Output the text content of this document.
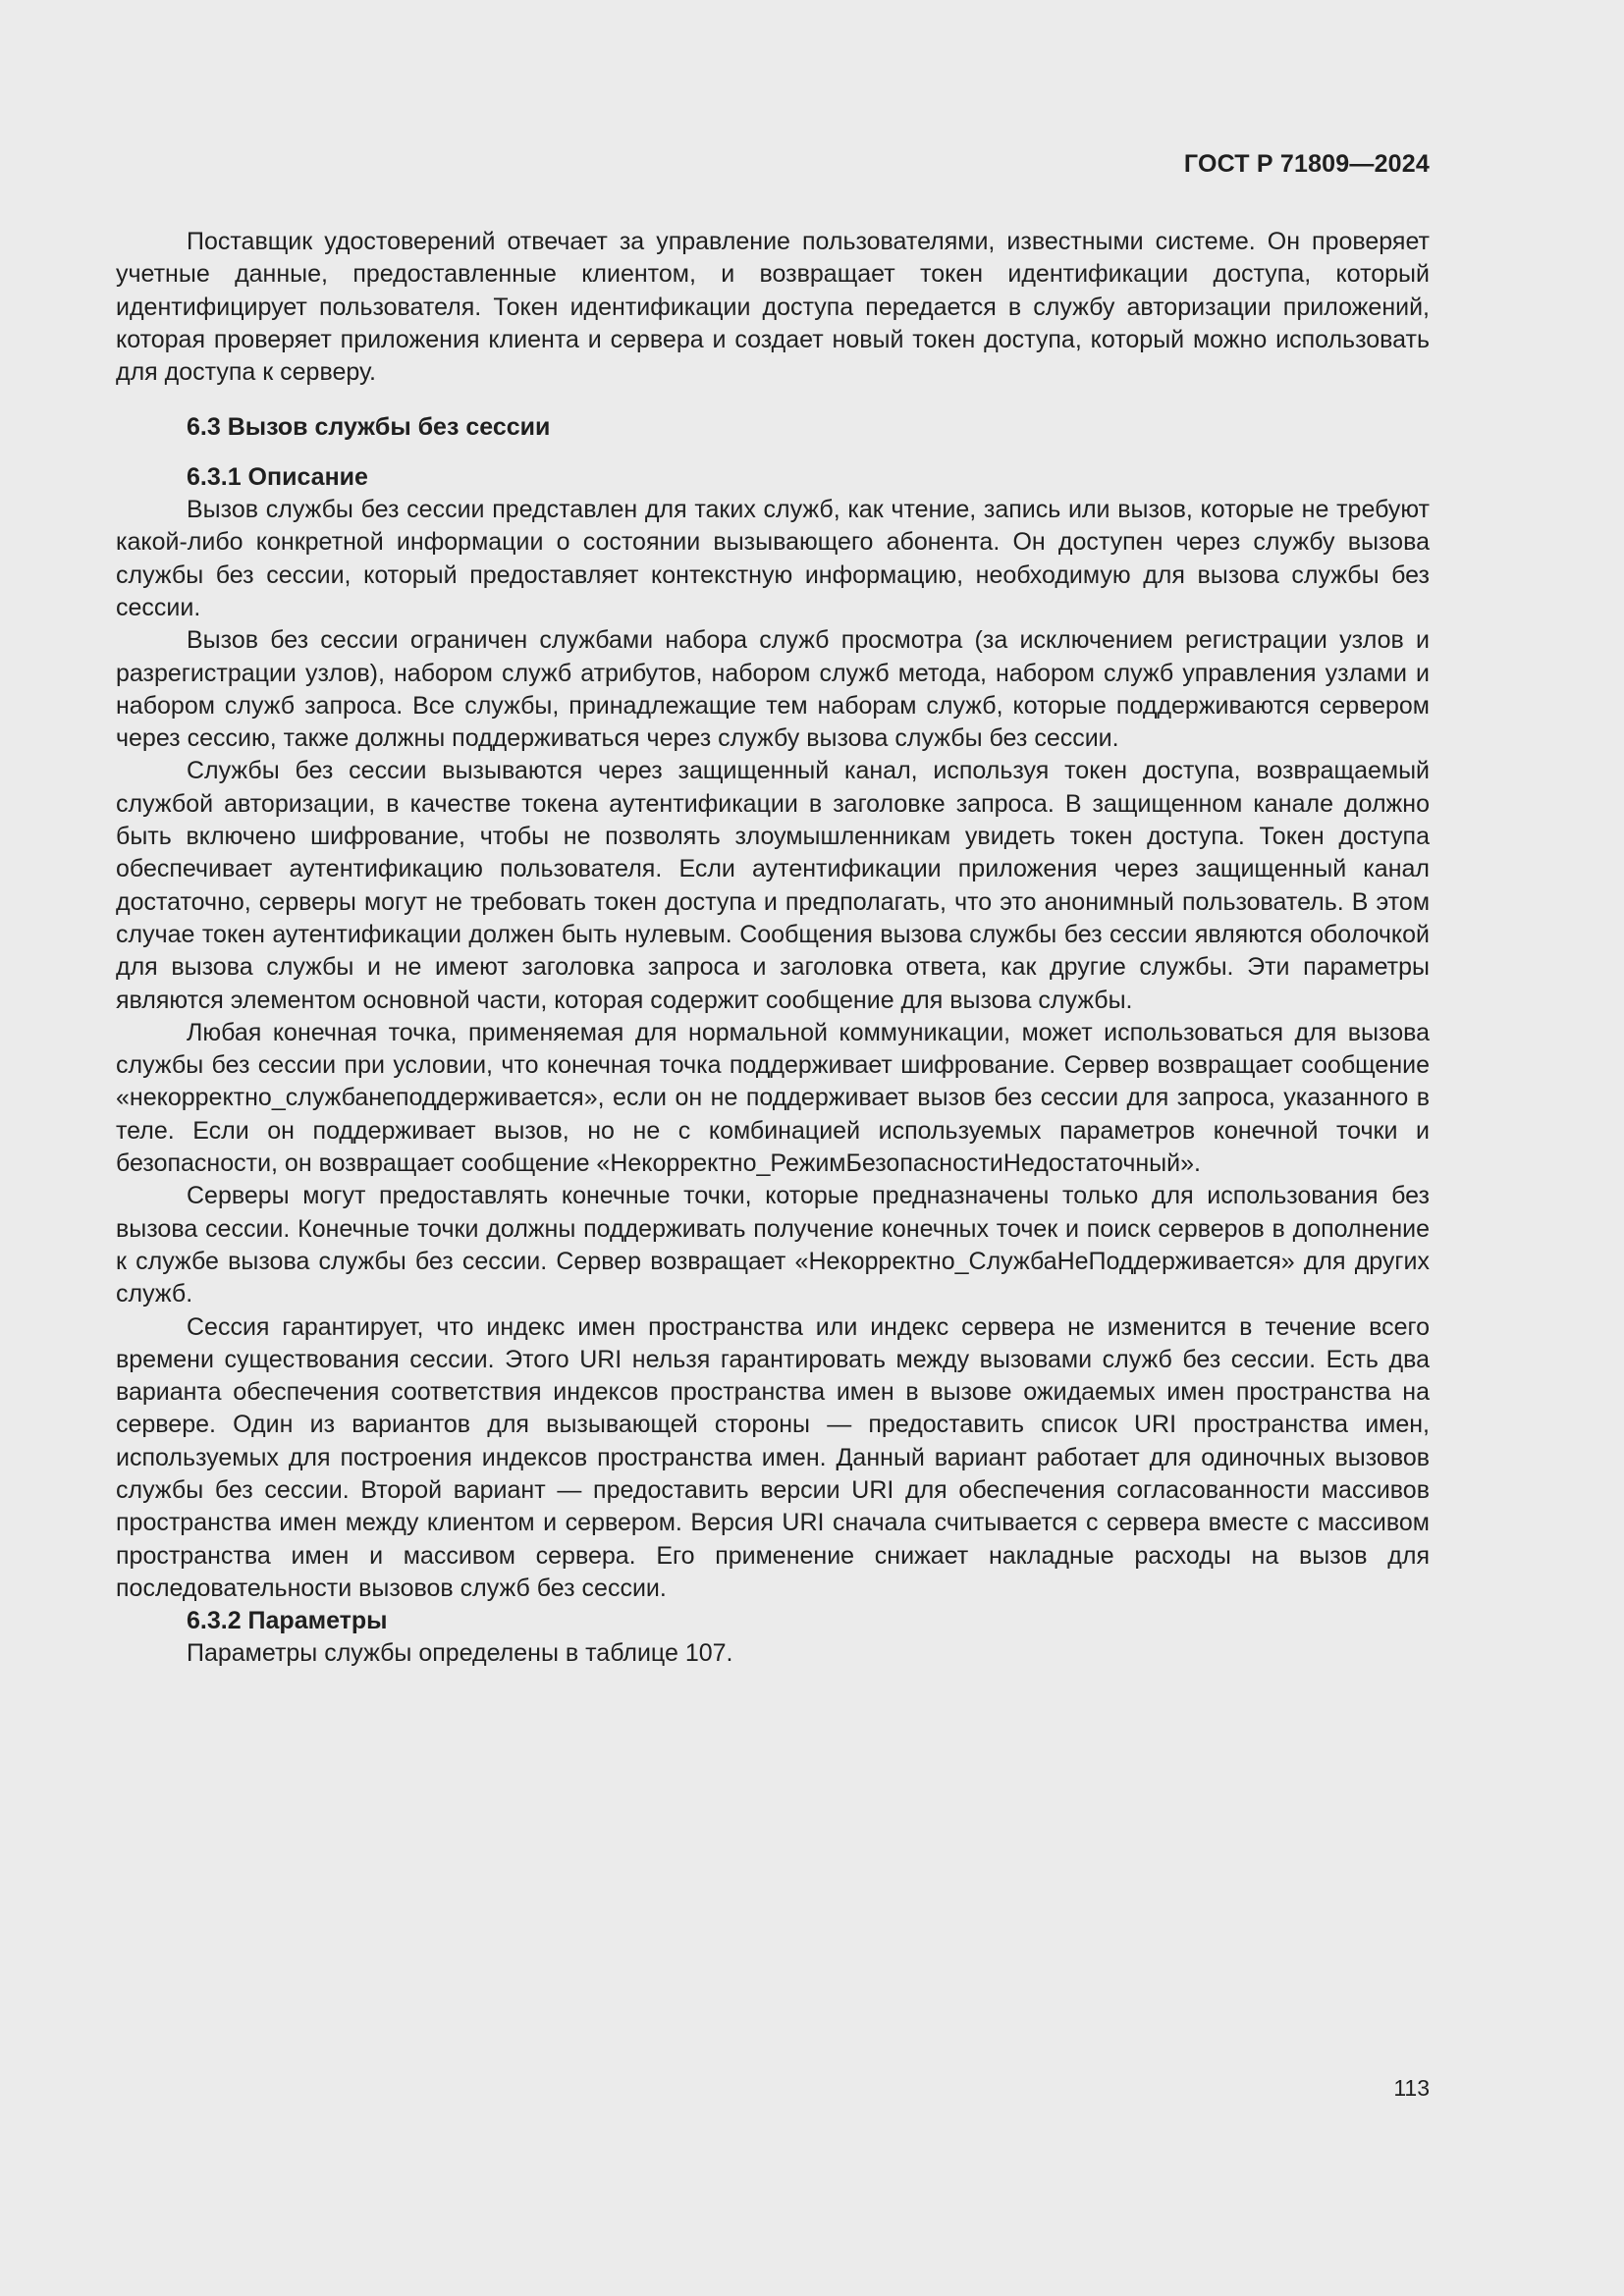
ГОСТ Р 71809—2024

Поставщик удостоверений отвечает за управление пользователями, известными системе. Он проверяет учетные данные, предоставленные клиентом, и возвращает токен идентификации доступа, который идентифицирует пользователя. Токен идентификации доступа передается в службу авторизации приложений, которая проверяет приложения клиента и сервера и создает новый токен доступа, который можно использовать для доступа к серверу.

6.3 Вызов службы без сессии
6.3.1 Описание

Вызов службы без сессии представлен для таких служб, как чтение, запись или вызов, которые не требуют какой-либо конкретной информации о состоянии вызывающего абонента. Он доступен через службу вызова службы без сессии, который предоставляет контекстную информацию, необходимую для вызова службы без сессии.

Вызов без сессии ограничен службами набора служб просмотра (за исключением регистрации узлов и разрегистрации узлов), набором служб атрибутов, набором служб метода, набором служб управления узлами и набором служб запроса. Все службы, принадлежащие тем наборам служб, которые поддерживаются сервером через сессию, также должны поддерживаться через службу вызова службы без сессии.

Службы без сессии вызываются через защищенный канал, используя токен доступа, возвращаемый службой авторизации, в качестве токена аутентификации в заголовке запроса. В защищенном канале должно быть включено шифрование, чтобы не позволять злоумышленникам увидеть токен доступа. Токен доступа обеспечивает аутентификацию пользователя. Если аутентификации приложения через защищенный канал достаточно, серверы могут не требовать токен доступа и предполагать, что это анонимный пользователь. В этом случае токен аутентификации должен быть нулевым. Сообщения вызова службы без сессии являются оболочкой для вызова службы и не имеют заголовка запроса и заголовка ответа, как другие службы. Эти параметры являются элементом основной части, которая содержит сообщение для вызова службы.

Любая конечная точка, применяемая для нормальной коммуникации, может использоваться для вызова службы без сессии при условии, что конечная точка поддерживает шифрование. Сервер возвращает сообщение «некорректно_службанеподдерживается», если он не поддерживает вызов без сессии для запроса, указанного в теле. Если он поддерживает вызов, но не с комбинацией используемых параметров конечной точки и безопасности, он возвращает сообщение «Некорректно_РежимБезопасностиНедостаточный».

Серверы могут предоставлять конечные точки, которые предназначены только для использования без вызова сессии. Конечные точки должны поддерживать получение конечных точек и поиск серверов в дополнение к службе вызова службы без сессии. Сервер возвращает «Некорректно_СлужбаНеПоддерживается» для других служб.

Сессия гарантирует, что индекс имен пространства или индекс сервера не изменится в течение всего времени существования сессии. Этого URI нельзя гарантировать между вызовами служб без сессии. Есть два варианта обеспечения соответствия индексов пространства имен в вызове ожидаемых имен пространства на сервере. Один из вариантов для вызывающей стороны — предоставить список URI пространства имен, используемых для построения индексов пространства имен. Данный вариант работает для одиночных вызовов службы без сессии. Второй вариант — предоставить версии URI для обеспечения согласованности массивов пространства имен между клиентом и сервером. Версия URI сначала считывается с сервера вместе с массивом пространства имен и массивом сервера. Его применение снижает накладные расходы на вызов для последовательности вызовов служб без сессии.

6.3.2 Параметры

Параметры службы определены в таблице 107.

113
